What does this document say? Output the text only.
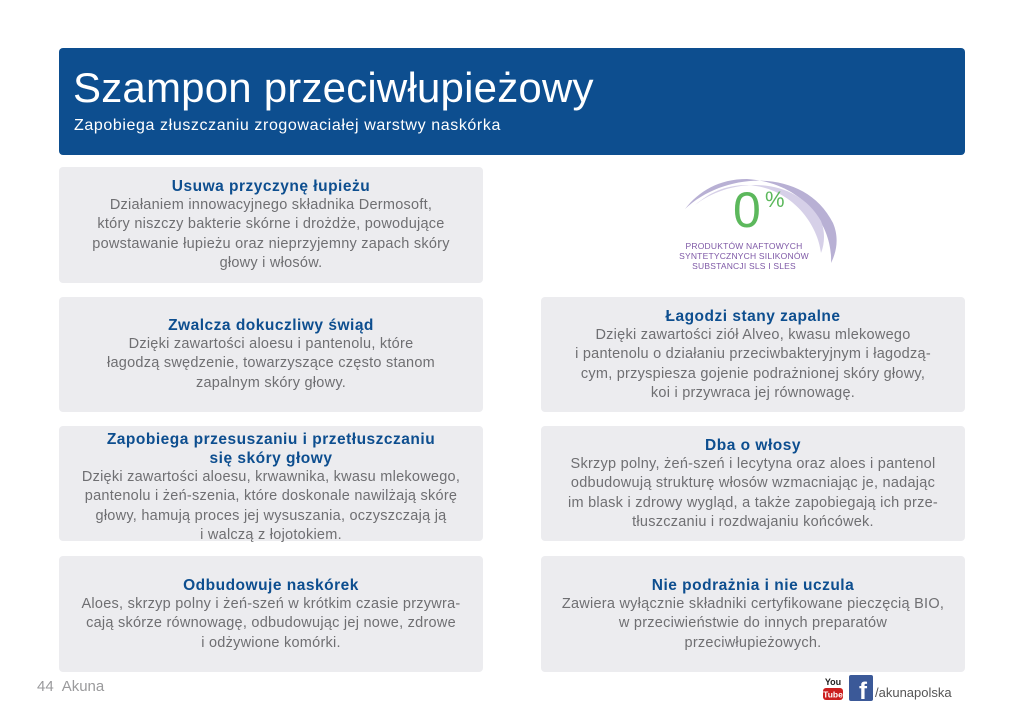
Szampon przeciwłupieżowy
Zapobiega złuszczaniu zrogowaciałej warstwy naskórka
Usuwa przyczynę łupieżu
Działaniem innowacyjnego składnika Dermosoft,
który niszczy bakterie skórne i drożdże, powodujące
powstawanie łupieżu oraz nieprzyjemny zapach skóry
głowy i włosów.
Zwalcza dokuczliwy świąd
Dzięki zawartości aloesu i pantenolu, które
łagodzą swędzenie, towarzyszące często stanom
zapalnym skóry głowy.
Zapobiega przesuszaniu i przetłuszczaniu
się skóry głowy
Dzięki zawartości aloesu, krwawnika, kwasu mlekowego,
pantenolu i żeń-szenia, które doskonale nawilżają skórę
głowy, hamują proces jej wysuszania, oczyszczają ją
i walczą z łojotokiem.
Odbudowuje naskórek
Aloes, skrzyp polny i żeń-szeń w krótkim czasie przywra-
cają skórze równowagę, odbudowując jej nowe, zdrowe
i odżywione komórki.
Łagodzi stany zapalne
Dzięki zawartości ziół Alveo, kwasu mlekowego
i pantenolu o działaniu przeciwbakteryjnym i łagodzą-
cym, przyspiesza gojenie podrażnionej skóry głowy,
koi i przywraca jej równowagę.
Dba o włosy
Skrzyp polny, żeń-szeń i lecytyna oraz aloes i pantenol
odbudowują strukturę włosów wzmacniając je, nadając
im blask i zdrowy wygląd, a także zapobiegają ich prze-
tłuszczaniu i rozdwajaniu końcówek.
Nie podrażnia i nie uczula
Zawiera wyłącznie składniki certyfikowane pieczęcią BIO,
w przeciwieństwie do innych preparatów
przeciwłupieżowych.
0 %
PRODUKTÓW NAFTOWYCH
SYNTETYCZNYCH SILIKONÓW
SUBSTANCJI SLS I SLES
44 Akuna	You
Tube f /akunapolska
